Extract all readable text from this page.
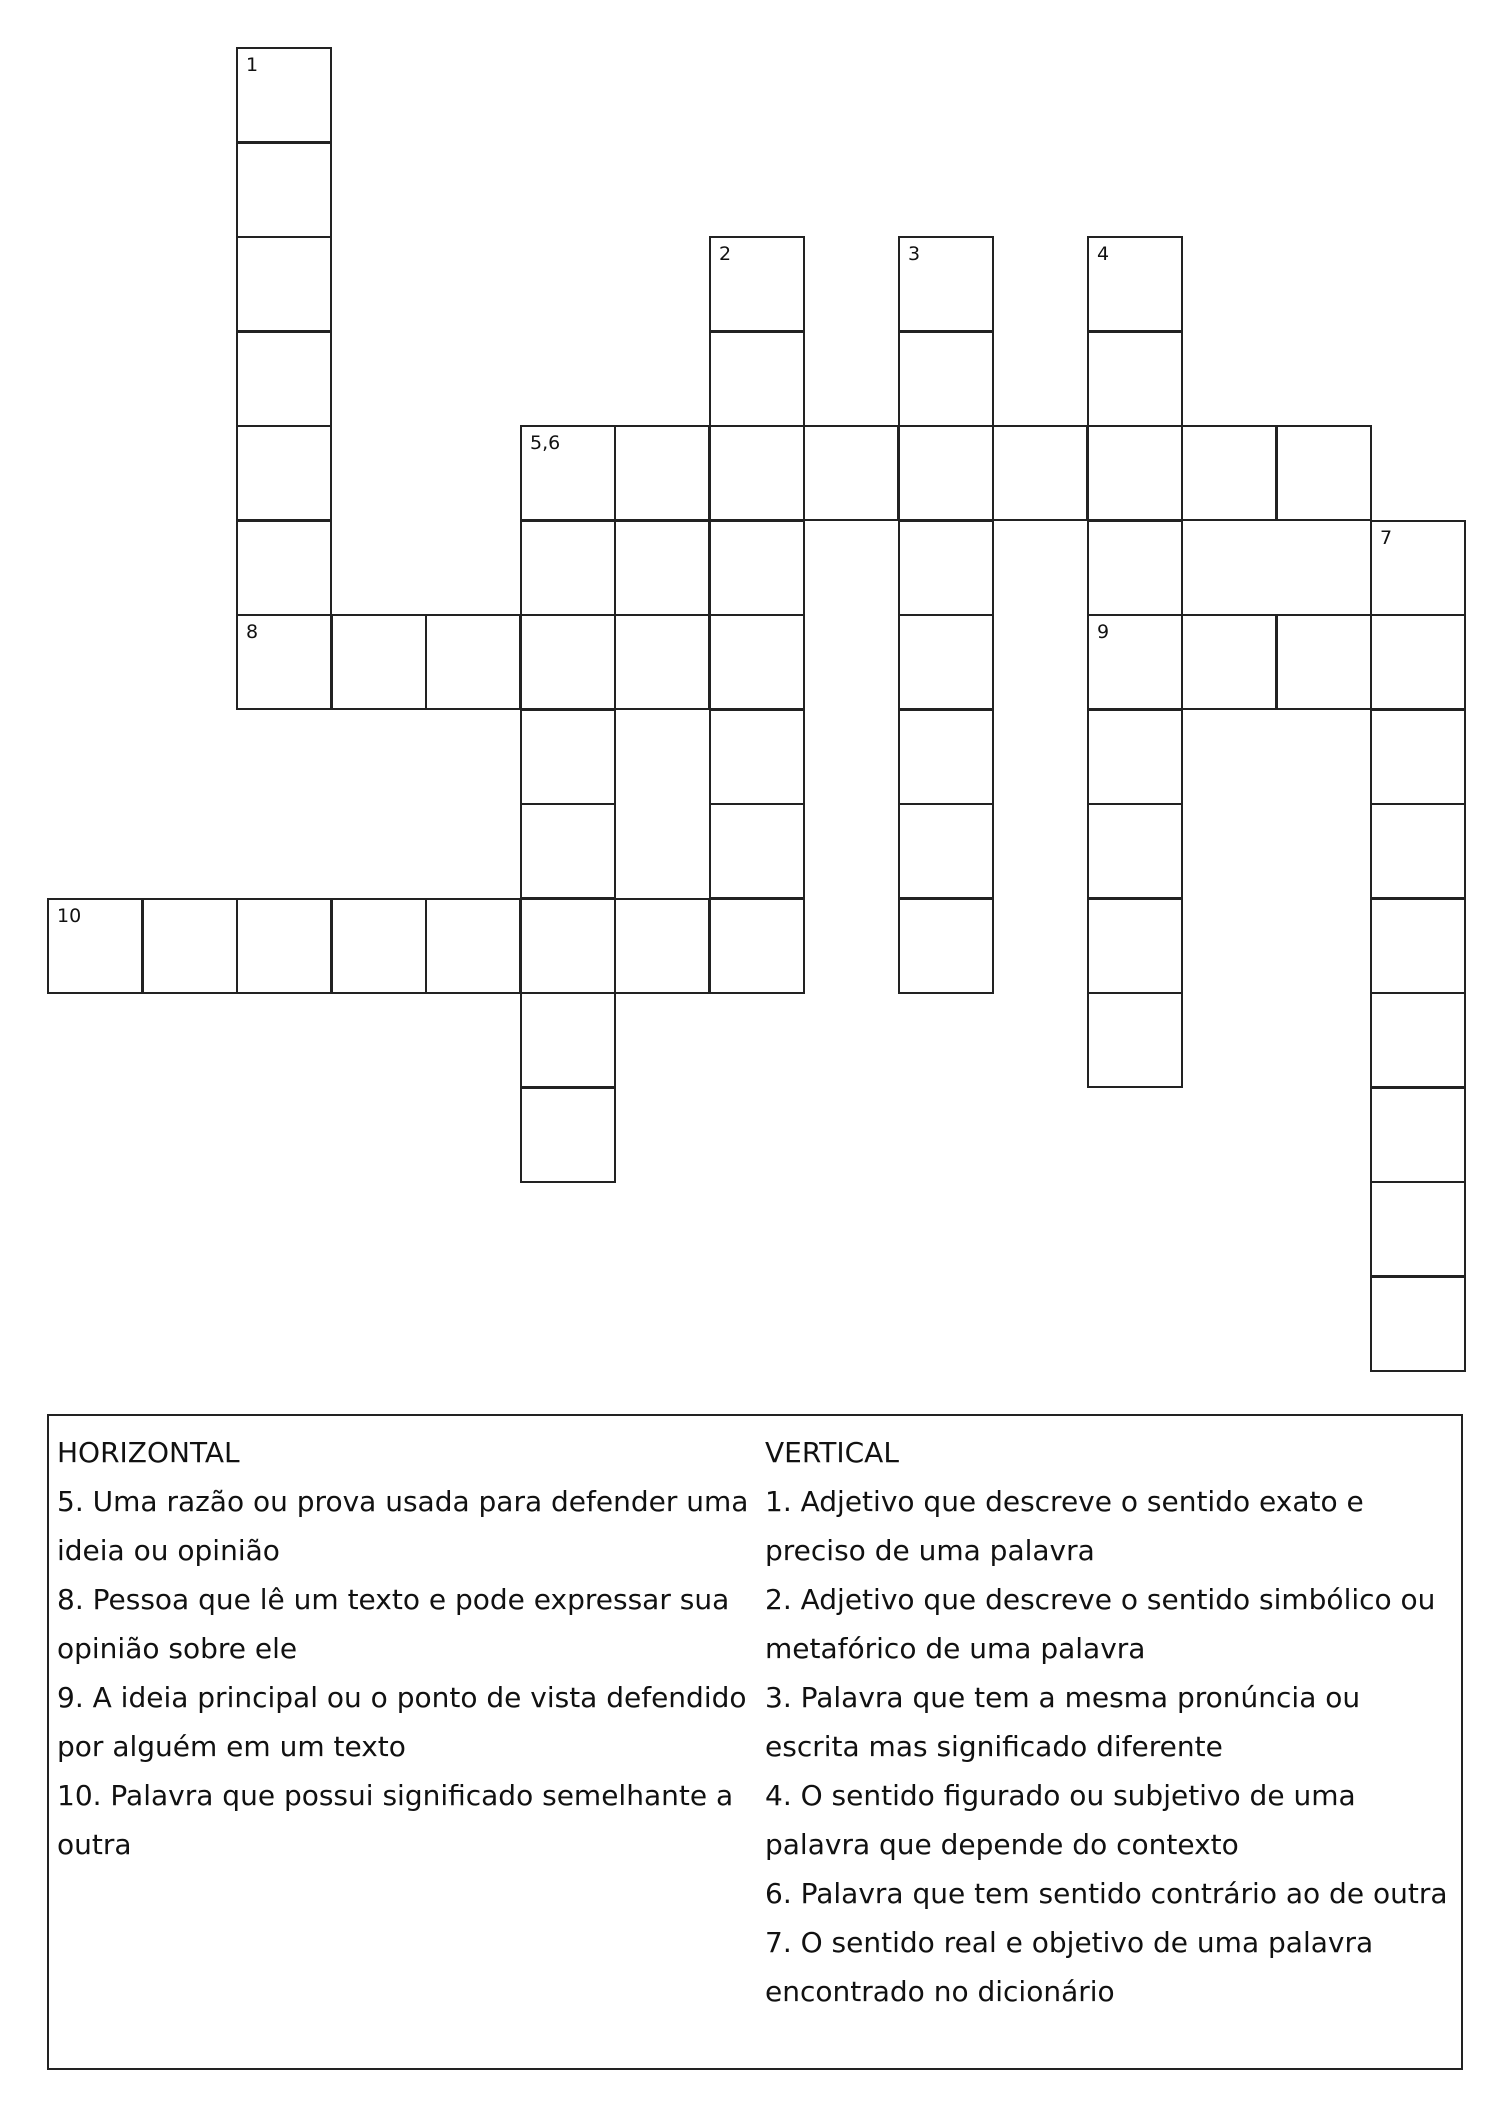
1
8
2	3	4
9
5,6
7
10

HORIZONTAL

5. Uma razão ou prova usada para defender uma ideia ou opinião

8. Pessoa que lê um texto e pode expressar sua opinião sobre ele

9. A ideia principal ou o ponto de vista defendido por alguém em um texto

10. Palavra que possui significado semelhante a outra

VERTICAL

1. Adjetivo que descreve o sentido exato e preciso de uma palavra

2. Adjetivo que descreve o sentido simbólico ou metafórico de uma palavra

3. Palavra que tem a mesma pronúncia ou escrita mas significado diferente

4. O sentido figurado ou subjetivo de uma palavra que depende do contexto

6. Palavra que tem sentido contrário ao de outra

7. O sentido real e objetivo de uma palavra encontrado no dicionário
